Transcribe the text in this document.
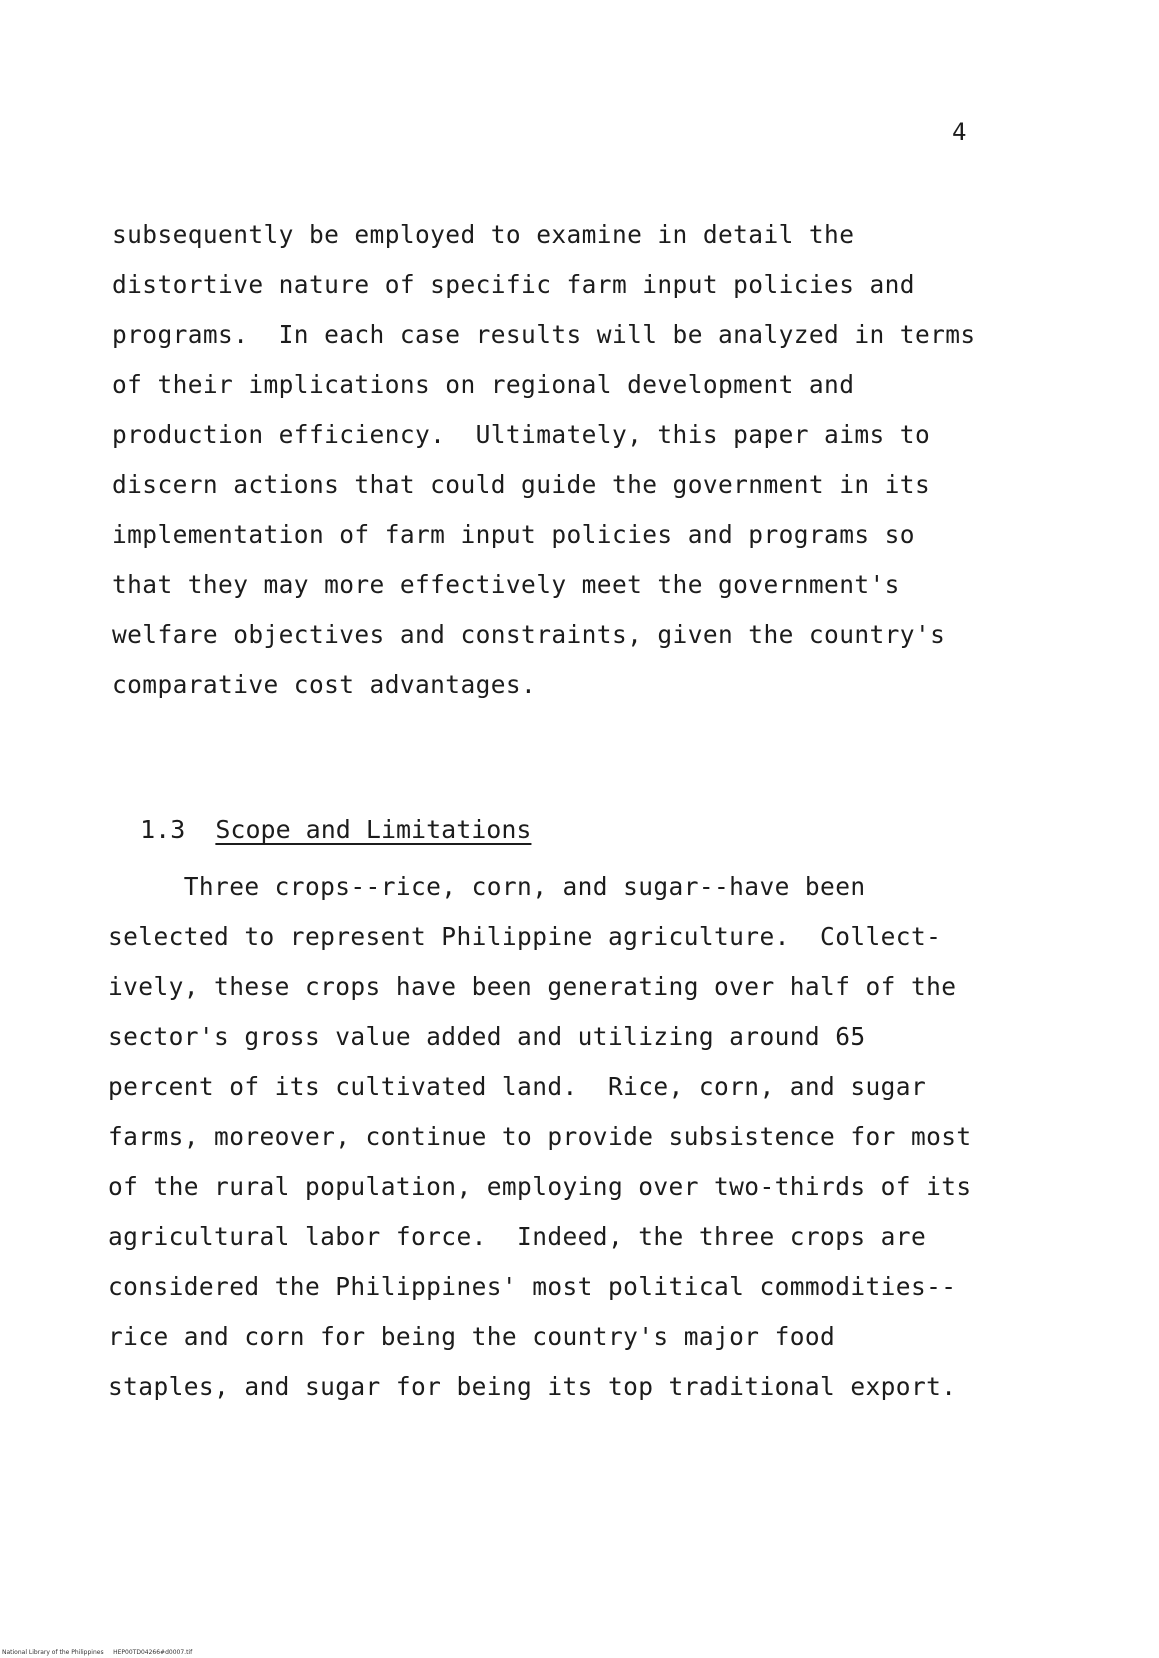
4
subsequently be employed to examine in detail the
distortive nature of specific farm input policies and
programs.  In each case results will be analyzed in terms
of their implications on regional development and
production efficiency.  Ultimately, this paper aims to
discern actions that could guide the government in its
implementation of farm input policies and programs so
that they may more effectively meet the government's
welfare objectives and constraints, given the country's
comparative cost advantages.

1.3 Scope and Limitations

Three crops--rice, corn, and sugar--have been
selected to represent Philippine agriculture.  Collect-
ively, these crops have been generating over half of the
sector's gross value added and utilizing around 65
percent of its cultivated land.  Rice, corn, and sugar
farms, moreover, continue to provide subsistence for most
of the rural population, employing over two-thirds of its
agricultural labor force.  Indeed, the three crops are
considered the Philippines' most political commodities--
rice and corn for being the country's major food
staples, and sugar for being its top traditional export.
National Library of the Philippines HEP00TD04266#d0007.tif
